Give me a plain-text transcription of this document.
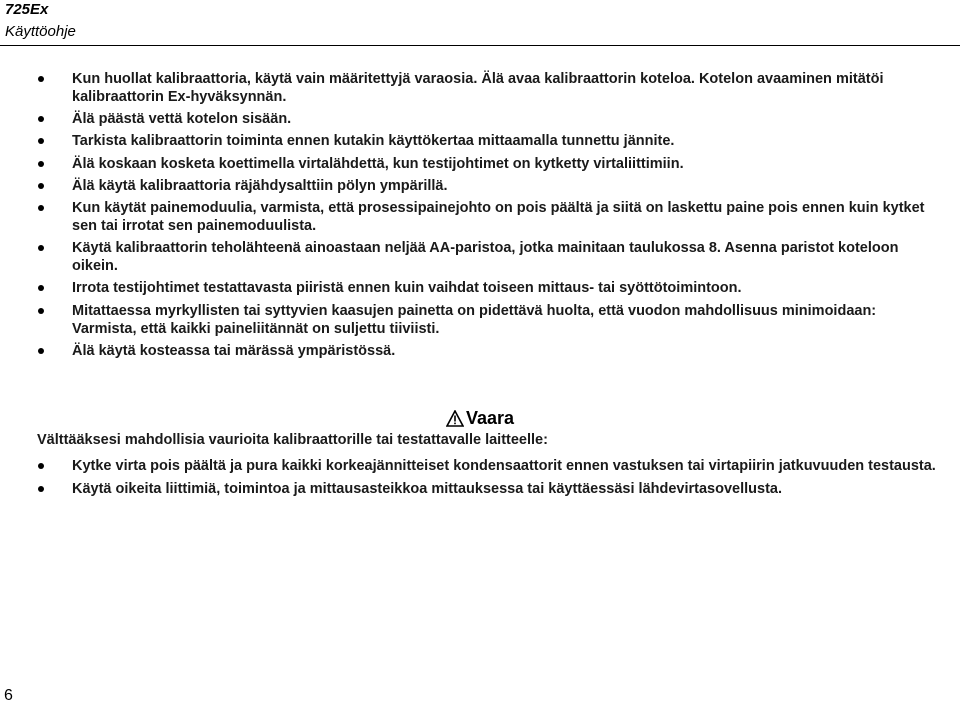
725Ex
Käyttöohje
Kun huollat kalibraattoria, käytä vain määritettyjä varaosia. Älä avaa kalibraattorin koteloa. Kotelon avaaminen mitätöi kalibraattorin Ex-hyväksynnän.
Älä päästä vettä kotelon sisään.
Tarkista kalibraattorin toiminta ennen kutakin käyttökertaa mittaamalla tunnettu jännite.
Älä koskaan kosketa koettimella virtalähdettä, kun testijohtimet on kytketty virtaliittimiin.
Älä käytä kalibraattoria räjähdysalttiin pölyn ympärillä.
Kun käytät painemoduulia, varmista, että prosessipainejohto on pois päältä ja siitä on laskettu paine pois ennen kuin kytket sen tai irrotat sen painemoduulista.
Käytä kalibraattorin teholähteenä ainoastaan neljää AA-paristoa, jotka mainitaan taulukossa 8. Asenna paristot koteloon oikein.
Irrota testijohtimet testattavasta piiristä ennen kuin vaihdat toiseen mittaus- tai syöttötoimintoon.
Mitattaessa myrkyllisten tai syttyvien kaasujen painetta on pidettävä huolta, että vuodon mahdollisuus minimoidaan: Varmista, että kaikki paineliitännät on suljettu tiiviisti.
Älä käytä kosteassa tai märässä ympäristössä.
Vaara
Välttääksesi mahdollisia vaurioita kalibraattorille tai testattavalle laitteelle:
Kytke virta pois päältä ja pura kaikki korkeajännitteiset kondensaattorit ennen vastuksen tai virtapiirin jatkuvuuden testausta.
Käytä oikeita liittimiä, toimintoa ja mittausasteikkoa mittauksessa tai käyttäessäsi lähdevirtasovellusta.
6
